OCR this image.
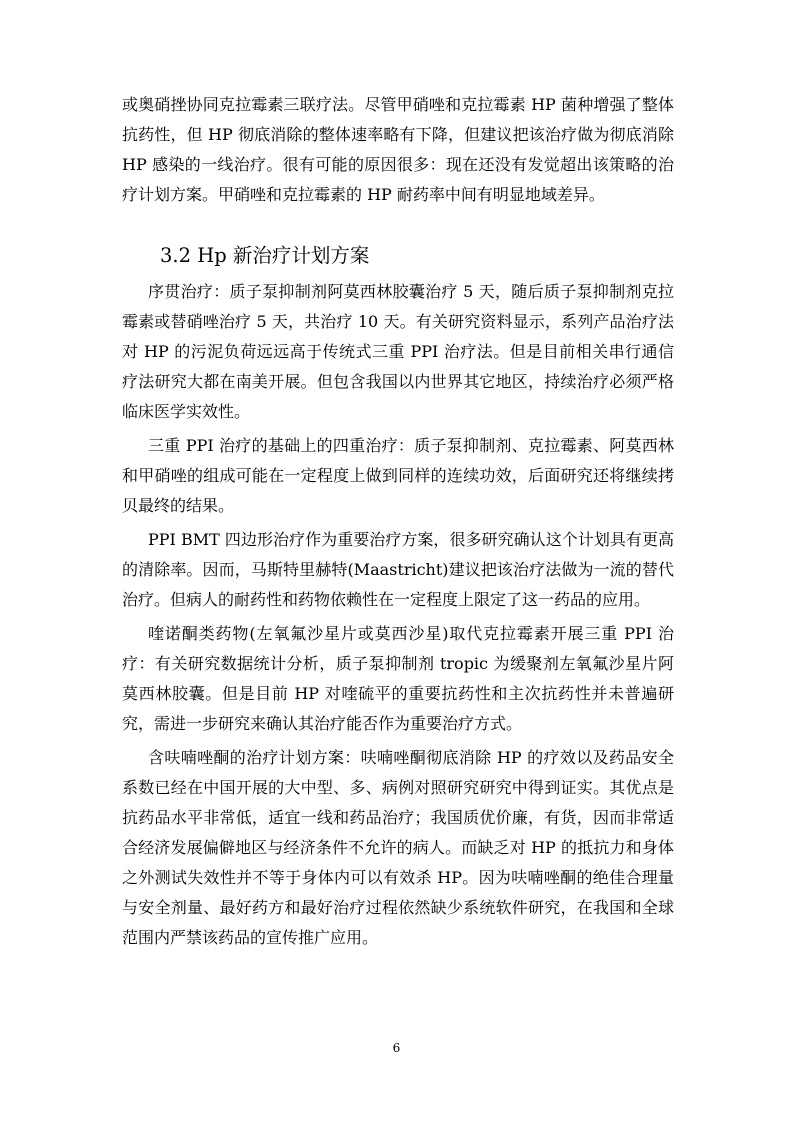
或奥硝挫协同克拉霉素三联疗法。尽管甲硝唑和克拉霉素 HP 菌种增强了整体抗药性，但 HP 彻底消除的整体速率略有下降，但建议把该治疗做为彻底消除 HP 感染的一线治疗。很有可能的原因很多：现在还没有发觉超出该策略的治疗计划方案。甲硝唑和克拉霉素的 HP 耐药率中间有明显地域差异。

3.2 Hp 新治疗计划方案

序贯治疗：质子泵抑制剂阿莫西林胶囊治疗 5 天，随后质子泵抑制剂克拉霉素或替硝唑治疗 5 天，共治疗 10 天。有关研究资料显示，系列产品治疗法对 HP 的污泥负荷远远高于传统式三重 PPI 治疗法。但是目前相关串行通信疗法研究大都在南美开展。但包含我国以内世界其它地区，持续治疗必须严格临床医学实效性。

三重 PPI 治疗的基础上的四重治疗：质子泵抑制剂、克拉霉素、阿莫西林和甲硝唑的组成可能在一定程度上做到同样的连续功效，后面研究还将继续拷贝最终的结果。

PPI BMT 四边形治疗作为重要治疗方案，很多研究确认这个计划具有更高的清除率。因而，马斯特里赫特(Maastricht)建议把该治疗法做为一流的替代治疗。但病人的耐药性和药物依赖性在一定程度上限定了这一药品的应用。

喹诺酮类药物(左氧氟沙星片或莫西沙星)取代克拉霉素开展三重 PPI 治疗：有关研究数据统计分析，质子泵抑制剂 tropic 为缓聚剂左氧氟沙星片阿莫西林胶囊。但是目前 HP 对喹硫平的重要抗药性和主次抗药性并未普遍研究，需进一步研究来确认其治疗能否作为重要治疗方式。

含呋喃唑酮的治疗计划方案：呋喃唑酮彻底消除 HP 的疗效以及药品安全系数已经在中国开展的大中型、多、病例对照研究研究中得到证实。其优点是抗药品水平非常低，适宜一线和药品治疗；我国质优价廉，有货，因而非常适合经济发展偏僻地区与经济条件不允许的病人。而缺乏对 HP 的抵抗力和身体之外测试失效性并不等于身体内可以有效杀 HP。因为呋喃唑酮的绝佳合理量与安全剂量、最好药方和最好治疗过程依然缺少系统软件研究，在我国和全球范围内严禁该药品的宣传推广应用。

6
